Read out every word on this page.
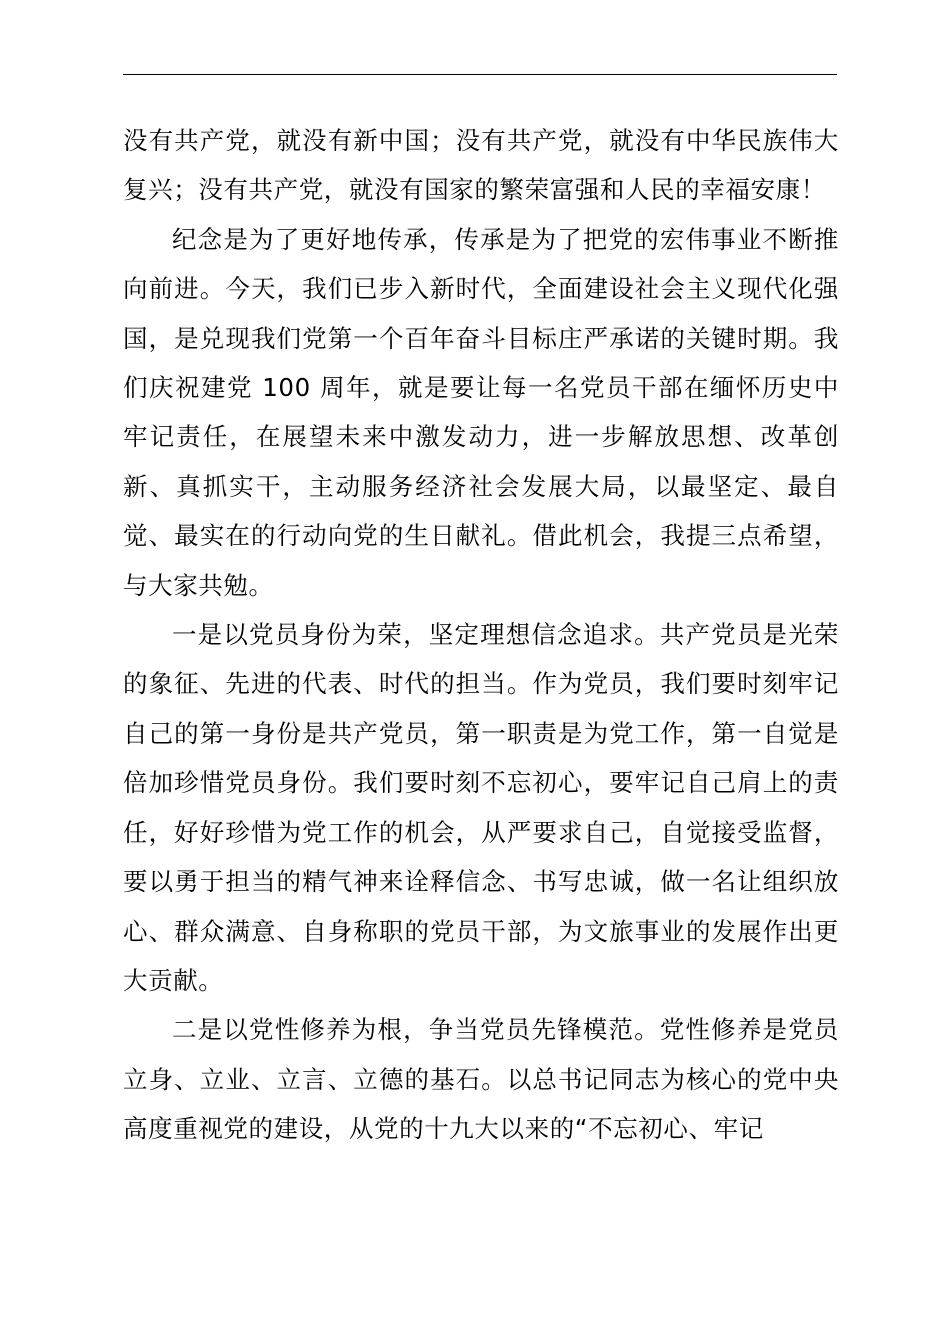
没有共产党，就没有新中国；没有共产党，就没有中华民族伟大复兴；没有共产党，就没有国家的繁荣富强和人民的幸福安康！

纪念是为了更好地传承，传承是为了把党的宏伟事业不断推向前进。今天，我们已步入新时代，全面建设社会主义现代化强国，是兑现我们党第一个百年奋斗目标庄严承诺的关键时期。我们庆祝建党 100 周年，就是要让每一名党员干部在缅怀历史中牢记责任，在展望未来中激发动力，进一步解放思想、改革创新、真抓实干，主动服务经济社会发展大局，以最坚定、最自觉、最实在的行动向党的生日献礼。借此机会，我提三点希望，与大家共勉。

一是以党员身份为荣，坚定理想信念追求。共产党员是光荣的象征、先进的代表、时代的担当。作为党员，我们要时刻牢记自己的第一身份是共产党员，第一职责是为党工作，第一自觉是倍加珍惜党员身份。我们要时刻不忘初心，要牢记自己肩上的责任，好好珍惜为党工作的机会，从严要求自己，自觉接受监督，要以勇于担当的精气神来诠释信念、书写忠诚，做一名让组织放心、群众满意、自身称职的党员干部，为文旅事业的发展作出更大贡献。

二是以党性修养为根，争当党员先锋模范。党性修养是党员立身、立业、立言、立德的基石。以总书记同志为核心的党中央高度重视党的建设，从党的十九大以来的“不忘初心、牢记
